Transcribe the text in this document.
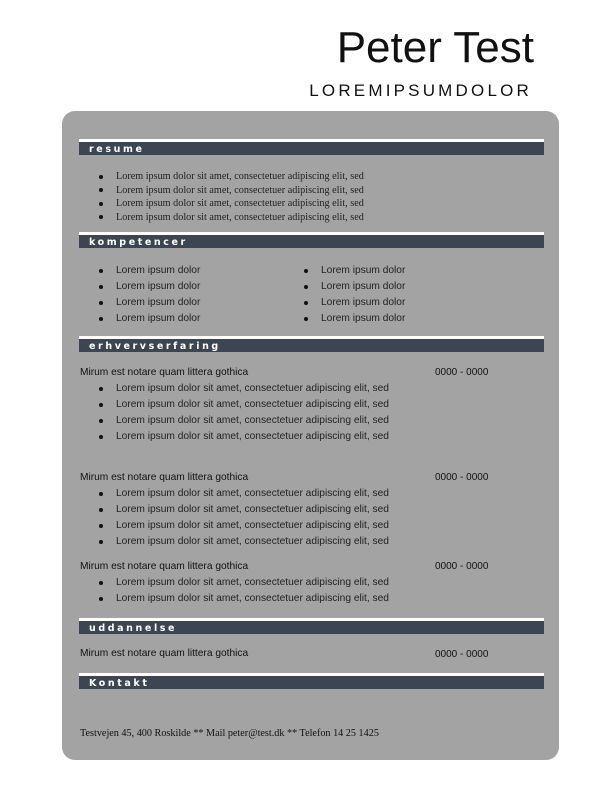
Peter Test
LOREMIPSUMDOLOR
resume
Lorem ipsum dolor sit amet, consectetuer adipiscing elit, sed
Lorem ipsum dolor sit amet, consectetuer adipiscing elit, sed
Lorem ipsum dolor sit amet, consectetuer adipiscing elit, sed
Lorem ipsum dolor sit amet, consectetuer adipiscing elit, sed
kompetencer
Lorem ipsum dolor
Lorem ipsum dolor
Lorem ipsum dolor
Lorem ipsum dolor
Lorem ipsum dolor
Lorem ipsum dolor
Lorem ipsum dolor
Lorem ipsum dolor
erhvervserfaring
Mirum est notare quam littera gothica	0000 - 0000
Lorem ipsum dolor sit amet, consectetuer adipiscing elit, sed
Lorem ipsum dolor sit amet, consectetuer adipiscing elit, sed
Lorem ipsum dolor sit amet, consectetuer adipiscing elit, sed
Lorem ipsum dolor sit amet, consectetuer adipiscing elit, sed
Mirum est notare quam littera gothica	0000 - 0000
Lorem ipsum dolor sit amet, consectetuer adipiscing elit, sed
Lorem ipsum dolor sit amet, consectetuer adipiscing elit, sed
Lorem ipsum dolor sit amet, consectetuer adipiscing elit, sed
Lorem ipsum dolor sit amet, consectetuer adipiscing elit, sed
Mirum est notare quam littera gothica	0000 - 0000
Lorem ipsum dolor sit amet, consectetuer adipiscing elit, sed
Lorem ipsum dolor sit amet, consectetuer adipiscing elit, sed
uddannelse
Mirum est notare quam littera gothica	0000 - 0000
Kontakt
Testvejen 45, 400 Roskilde ** Mail peter@test.dk ** Telefon 14 25 1425
